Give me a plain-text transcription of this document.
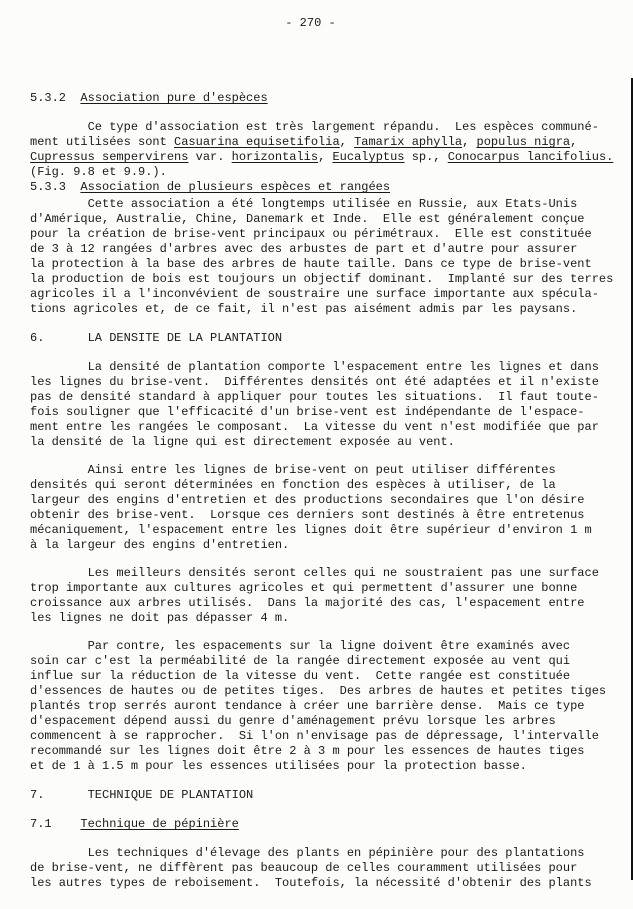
- 270 -
5.3.2  Association pure d'espèces
Ce type d'association est très largement répandu.  Les espèces communé-
ment utilisées sont Casuarina equisetifolia, Tamarix aphylla, populus nigra,
Cupressus sempervirens var. horizontalis, Eucalyptus sp., Conocarpus lancifolius.
(Fig. 9.8 et 9.9.).
5.3.3  Association de plusieurs espèces et rangées
Cette association a été longtemps utilisée en Russie, aux Etats-Unis
d'Amérique, Australie, Chine, Danemark et Inde.  Elle est généralement conçue
pour la création de brise-vent principaux ou périmétraux.  Elle est constituée
de 3 à 12 rangées d'arbres avec des arbustes de part et d'autre pour assurer
la protection à la base des arbres de haute taille. Dans ce type de brise-vent
la production de bois est toujours un objectif dominant.  Implanté sur des terres
agricoles il a l'inconvévient de soustraire une surface importante aux spécula-
tions agricoles et, de ce fait, il n'est pas aisément admis par les paysans.
6.      LA DENSITE DE LA PLANTATION
La densité de plantation comporte l'espacement entre les lignes et dans
les lignes du brise-vent.  Différentes densités ont été adaptées et il n'existe
pas de densité standard à appliquer pour toutes les situations.  Il faut toute-
fois souligner que l'efficacité d'un brise-vent est indépendante de l'espace-
ment entre les rangées le composant.  La vitesse du vent n'est modifiée que par
la densité de la ligne qui est directement exposée au vent.
Ainsi entre les lignes de brise-vent on peut utiliser différentes
densités qui seront déterminées en fonction des espèces à utiliser, de la
largeur des engins d'entretien et des productions secondaires que l'on désire
obtenir des brise-vent.  Lorsque ces derniers sont destinés à être entretenus
mécaniquement, l'espacement entre les lignes doit être supérieur d'environ 1 m
à la largeur des engins d'entretien.
Les meilleurs densités seront celles qui ne soustraient pas une surface
trop importante aux cultures agricoles et qui permettent d'assurer une bonne
croissance aux arbres utilisés.  Dans la majorité des cas, l'espacement entre
les lignes ne doit pas dépasser 4 m.
Par contre, les espacements sur la ligne doivent être examinés avec
soin car c'est la perméabilité de la rangée directement exposée au vent qui
influe sur la réduction de la vitesse du vent.  Cette rangée est constituée
d'essences de hautes ou de petites tiges.  Des arbres de hautes et petites tiges
plantés trop serrés auront tendance à créer une barrière dense.  Mais ce type
d'espacement dépend aussi du genre d'aménagement prévu lorsque les arbres
commencent à se rapprocher.  Si l'on n'envisage pas de dépressage, l'intervalle
recommandé sur les lignes doit être 2 à 3 m pour les essences de hautes tiges
et de 1 à 1.5 m pour les essences utilisées pour la protection basse.
7.      TECHNIQUE DE PLANTATION
7.1    Technique de pépinière
Les techniques d'élevage des plants en pépinière pour des plantations
de brise-vent, ne diffèrent pas beaucoup de celles couramment utilisées pour
les autres types de reboisement.  Toutefois, la nécessité d'obtenir des plants
